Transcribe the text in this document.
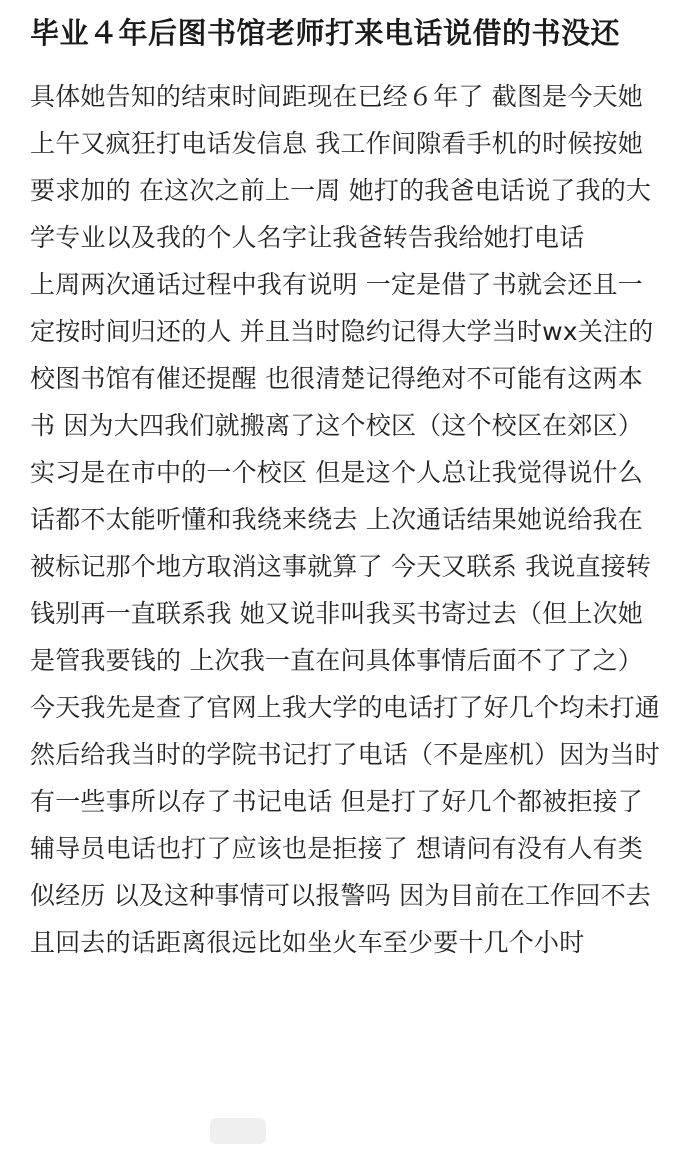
毕业４年后图书馆老师打来电话说借的书没还

具体她告知的结束时间距现在已经６年了 截图是今天她上午又疯狂打电话发信息 我工作间隙看手机的时候按她要求加的 在这次之前上一周 她打的我爸电话说了我的大学专业以及我的个人名字让我爸转告我给她打电话

上周两次通话过程中我有说明 一定是借了书就会还且一定按时间归还的人 并且当时隐约记得大学当时wx关注的校图书馆有催还提醒 也很清楚记得绝对不可能有这两本书 因为大四我们就搬离了这个校区（这个校区在郊区）实习是在市中的一个校区 但是这个人总让我觉得说什么话都不太能听懂和我绕来绕去 上次通话结果她说给我在被标记那个地方取消这事就算了 今天又联系 我说直接转钱别再一直联系我 她又说非叫我买书寄过去（但上次她是管我要钱的 上次我一直在问具体事情后面不了了之）

今天我先是查了官网上我大学的电话打了好几个均未打通 然后给我当时的学院书记打了电话（不是座机）因为当时有一些事所以存了书记电话 但是打了好几个都被拒接了 辅导员电话也打了应该也是拒接了 想请问有没有人有类似经历 以及这种事情可以报警吗 因为目前在工作回不去 且回去的话距离很远比如坐火车至少要十几个小时
